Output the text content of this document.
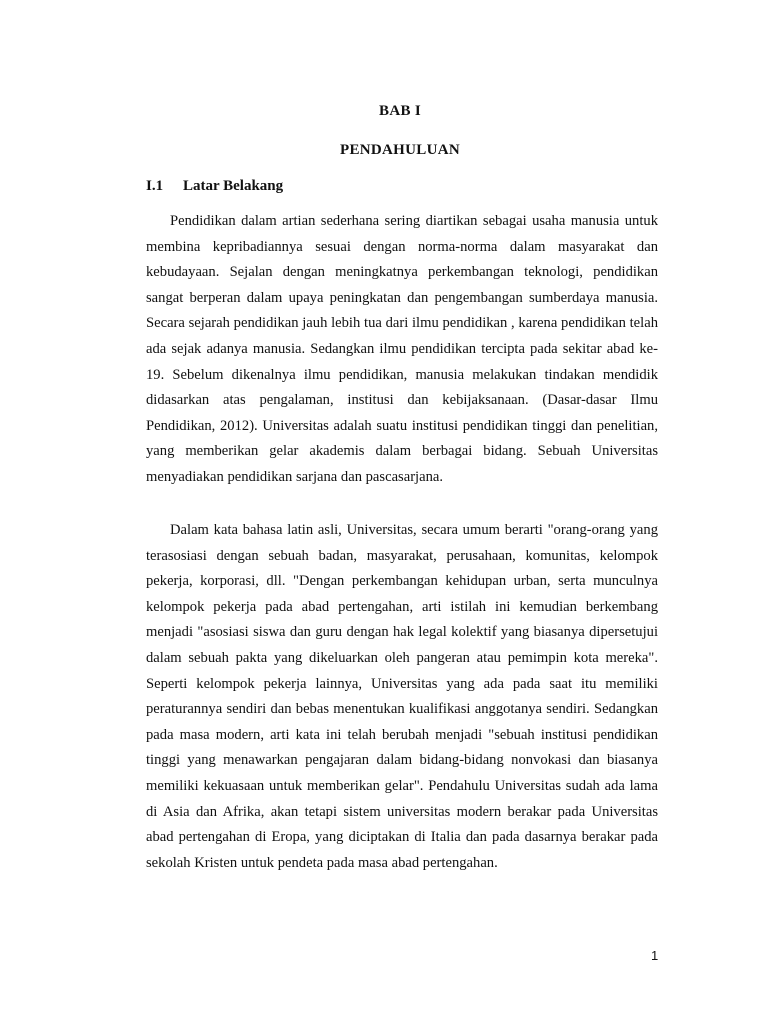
BAB I
PENDAHULUAN
I.1 Latar Belakang

Pendidikan dalam artian sederhana sering diartikan sebagai usaha manusia untuk membina kepribadiannya sesuai dengan norma-norma dalam masyarakat dan kebudayaan. Sejalan dengan meningkatnya perkembangan teknologi, pendidikan sangat berperan dalam upaya peningkatan dan pengembangan sumberdaya manusia. Secara sejarah pendidikan jauh lebih tua dari ilmu pendidikan , karena pendidikan telah ada sejak adanya manusia. Sedangkan ilmu pendidikan tercipta pada sekitar abad ke-19. Sebelum dikenalnya ilmu pendidikan, manusia melakukan tindakan mendidik didasarkan atas pengalaman, institusi dan kebijaksanaan. (Dasar-dasar Ilmu Pendidikan, 2012). Universitas adalah suatu institusi pendidikan tinggi dan penelitian, yang memberikan gelar akademis dalam berbagai bidang. Sebuah Universitas menyadiakan pendidikan sarjana dan pascasarjana.

Dalam kata bahasa latin asli, Universitas, secara umum berarti "orang-orang yang terasosiasi dengan sebuah badan, masyarakat, perusahaan, komunitas, kelompok pekerja, korporasi, dll. "Dengan perkembangan kehidupan urban, serta munculnya kelompok pekerja pada abad pertengahan, arti istilah ini kemudian berkembang menjadi "asosiasi siswa dan guru dengan hak legal kolektif yang biasanya dipersetujui dalam sebuah pakta yang dikeluarkan oleh pangeran atau pemimpin kota mereka". Seperti kelompok pekerja lainnya, Universitas yang ada pada saat itu memiliki peraturannya sendiri dan bebas menentukan kualifikasi anggotanya sendiri. Sedangkan pada masa modern, arti kata ini telah berubah menjadi "sebuah institusi pendidikan tinggi yang menawarkan pengajaran dalam bidang-bidang nonvokasi dan biasanya memiliki kekuasaan untuk memberikan gelar". Pendahulu Universitas sudah ada lama di Asia dan Afrika, akan tetapi sistem universitas modern berakar pada Universitas abad pertengahan di Eropa, yang diciptakan di Italia dan pada dasarnya berakar pada sekolah Kristen untuk pendeta pada masa abad pertengahan.

1
